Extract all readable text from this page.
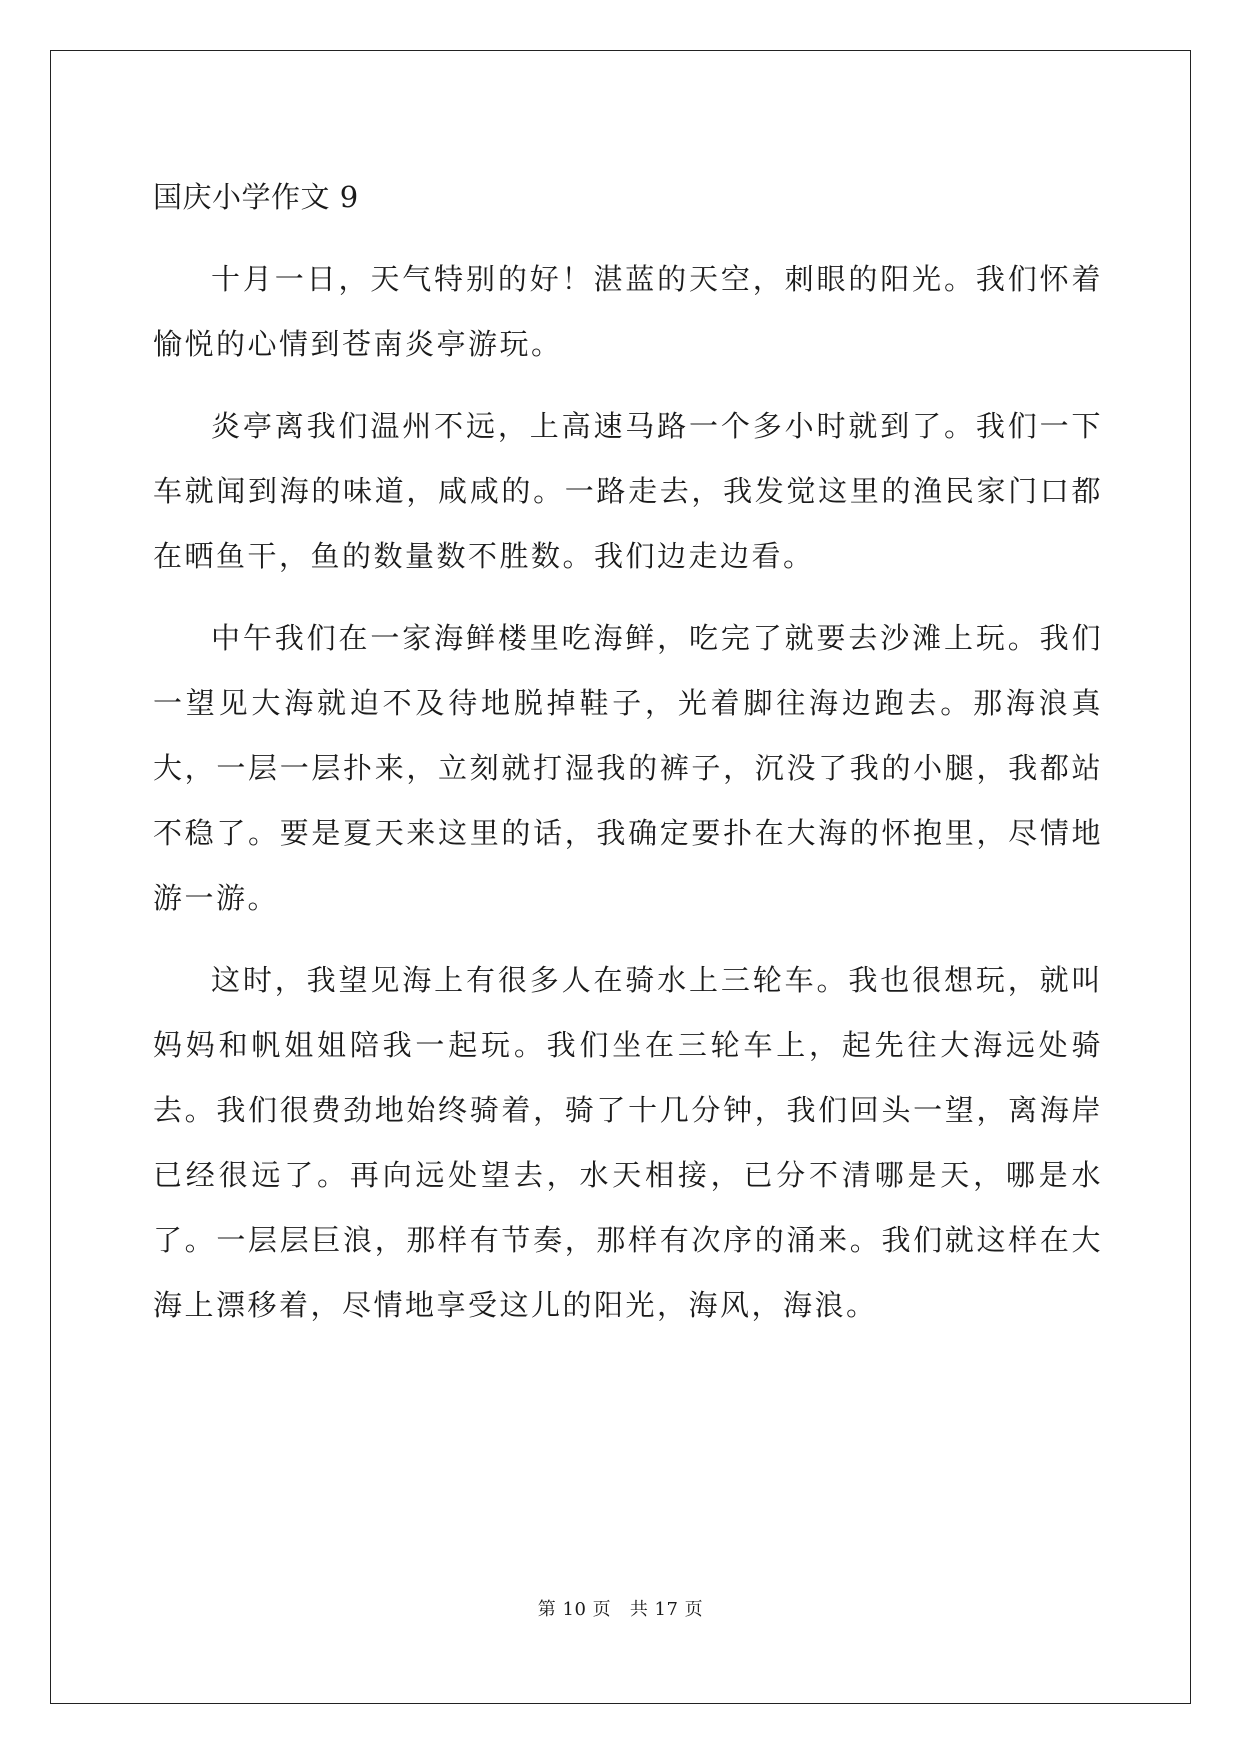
国庆小学作文 9

十月一日，天气特别的好！湛蓝的天空，刺眼的阳光。我们怀着愉悦的心情到苍南炎亭游玩。

炎亭离我们温州不远，上高速马路一个多小时就到了。我们一下车就闻到海的味道，咸咸的。一路走去，我发觉这里的渔民家门口都在晒鱼干，鱼的数量数不胜数。我们边走边看。

中午我们在一家海鲜楼里吃海鲜，吃完了就要去沙滩上玩。我们一望见大海就迫不及待地脱掉鞋子，光着脚往海边跑去。那海浪真大，一层一层扑来，立刻就打湿我的裤子，沉没了我的小腿，我都站不稳了。要是夏天来这里的话，我确定要扑在大海的怀抱里，尽情地游一游。

这时，我望见海上有很多人在骑水上三轮车。我也很想玩，就叫妈妈和帆姐姐陪我一起玩。我们坐在三轮车上，起先往大海远处骑去。我们很费劲地始终骑着，骑了十几分钟，我们回头一望，离海岸已经很远了。再向远处望去，水天相接，已分不清哪是天，哪是水了。一层层巨浪，那样有节奏，那样有次序的涌来。我们就这样在大海上漂移着，尽情地享受这儿的阳光，海风，海浪。

第 10 页 共 17 页
